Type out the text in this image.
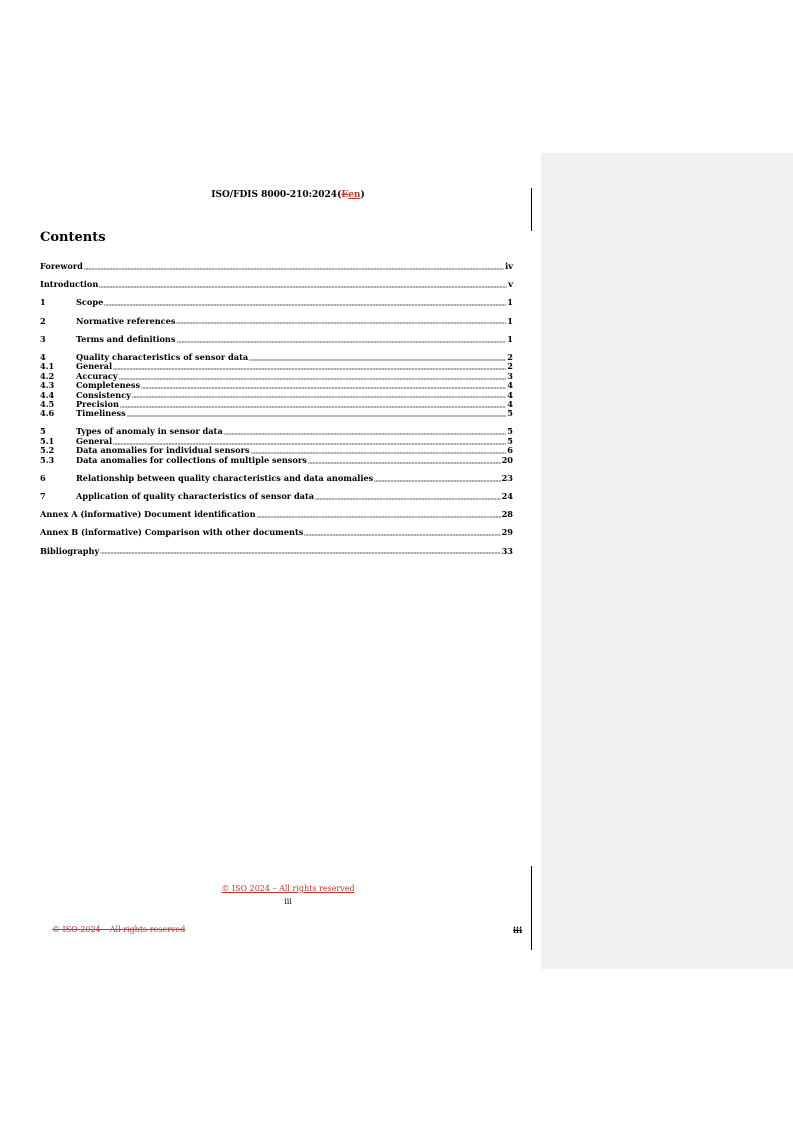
ISO/FDIS 8000-210:2024(Een)
Contents
Foreword	iv
Introduction	v
1	Scope	1
2	Normative references	1
3	Terms and definitions	1
4	Quality characteristics of sensor data	2
4.1	General	2
4.2	Accuracy	3
4.3	Completeness	4
4.4	Consistency	4
4.5	Precision	4
4.6	Timeliness	5
5	Types of anomaly in sensor data	5
5.1	General	5
5.2	Data anomalies for individual sensors	6
5.3	Data anomalies for collections of multiple sensors	20
6	Relationship between quality characteristics and data anomalies	23
7	Application of quality characteristics of sensor data	24
Annex A (informative) Document identification	28
Annex B (informative) Comparison with other documents	29
Bibliography	33
© ISO 2024 – All rights reserved
iii
© ISO 2024 – All rights reserved	iii
